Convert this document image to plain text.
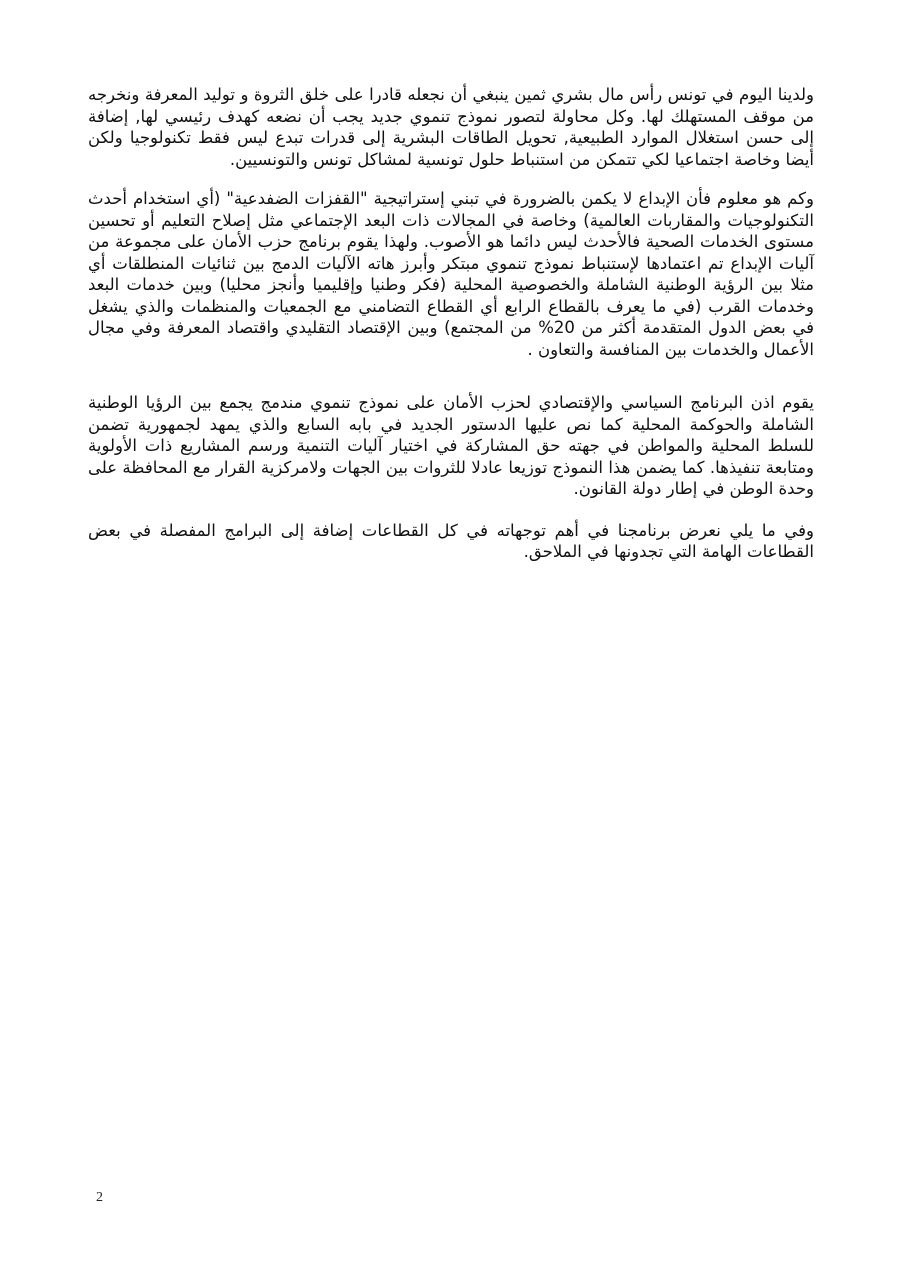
ولدينا اليوم في تونس رأس مال بشري ثمين ينبغي أن نجعله قادرا على خلق الثروة و توليد المعرفة ونخرجه من موقف المستهلك لها. وكل محاولة لتصور نموذج تنموي جديد يجب أن نضعه كهدف رئيسي لها, إضافة إلى حسن استغلال الموارد الطبيعية, تحويل الطاقات البشرية إلى قدرات تبدع ليس فقط تكنولوجيا ولكن أيضا وخاصة اجتماعيا لكي تتمكن من استنباط حلول تونسية لمشاكل تونس والتونسيين.

وكم هو معلوم فأن الإبداع لا يكمن بالضرورة في تبني إستراتيجية "القفزات الضفدعية" (أي استخدام أحدث التكنولوجيات والمقاربات العالمية) وخاصة في المجالات ذات البعد الإجتماعي مثل إصلاح التعليم أو تحسين مستوى الخدمات الصحية فالأحدث ليس دائما هو الأصوب. ولهذا يقوم برنامج حزب الأمان على مجموعة من آليات الإبداع تم اعتمادها لإستنباط نموذج تنموي مبتكر وأبرز هاته الآليات الدمج بين ثنائيات المنطلقات أي مثلا بين الرؤية الوطنية الشاملة والخصوصية المحلية (فكر وطنيا وإقليميا وأنجز محليا) وبين خدمات البعد وخدمات القرب (في ما يعرف بالقطاع الرابع أي القطاع التضامني مع الجمعيات والمنظمات والذي يشغل في بعض الدول المتقدمة أكثر من 20% من المجتمع) وبين الإقتصاد التقليدي واقتصاد المعرفة وفي مجال الأعمال والخدمات بين المنافسة والتعاون .

يقوم اذن البرنامج السياسي والإقتصادي لحزب الأمان على نموذج تنموي مندمج يجمع بين الرؤيا الوطنية الشاملة والحوكمة المحلية كما نص عليها الدستور الجديد في بابه السابع والذي يمهد لجمهورية تضمن للسلط المحلية والمواطن في جهته حق المشاركة في اختيار آليات التنمية ورسم المشاريع ذات الأولوية ومتابعة تنفيذها. كما يضمن هذا النموذج توزيعا عادلا للثروات بين الجهات ولامركزية القرار مع المحافظة على وحدة الوطن في إطار دولة القانون.

وفي ما يلي نعرض برنامجنا في أهم توجهاته في كل القطاعات إضافة إلى البرامج المفصلة في بعض القطاعات الهامة التي تجدونها في الملاحق.

2
